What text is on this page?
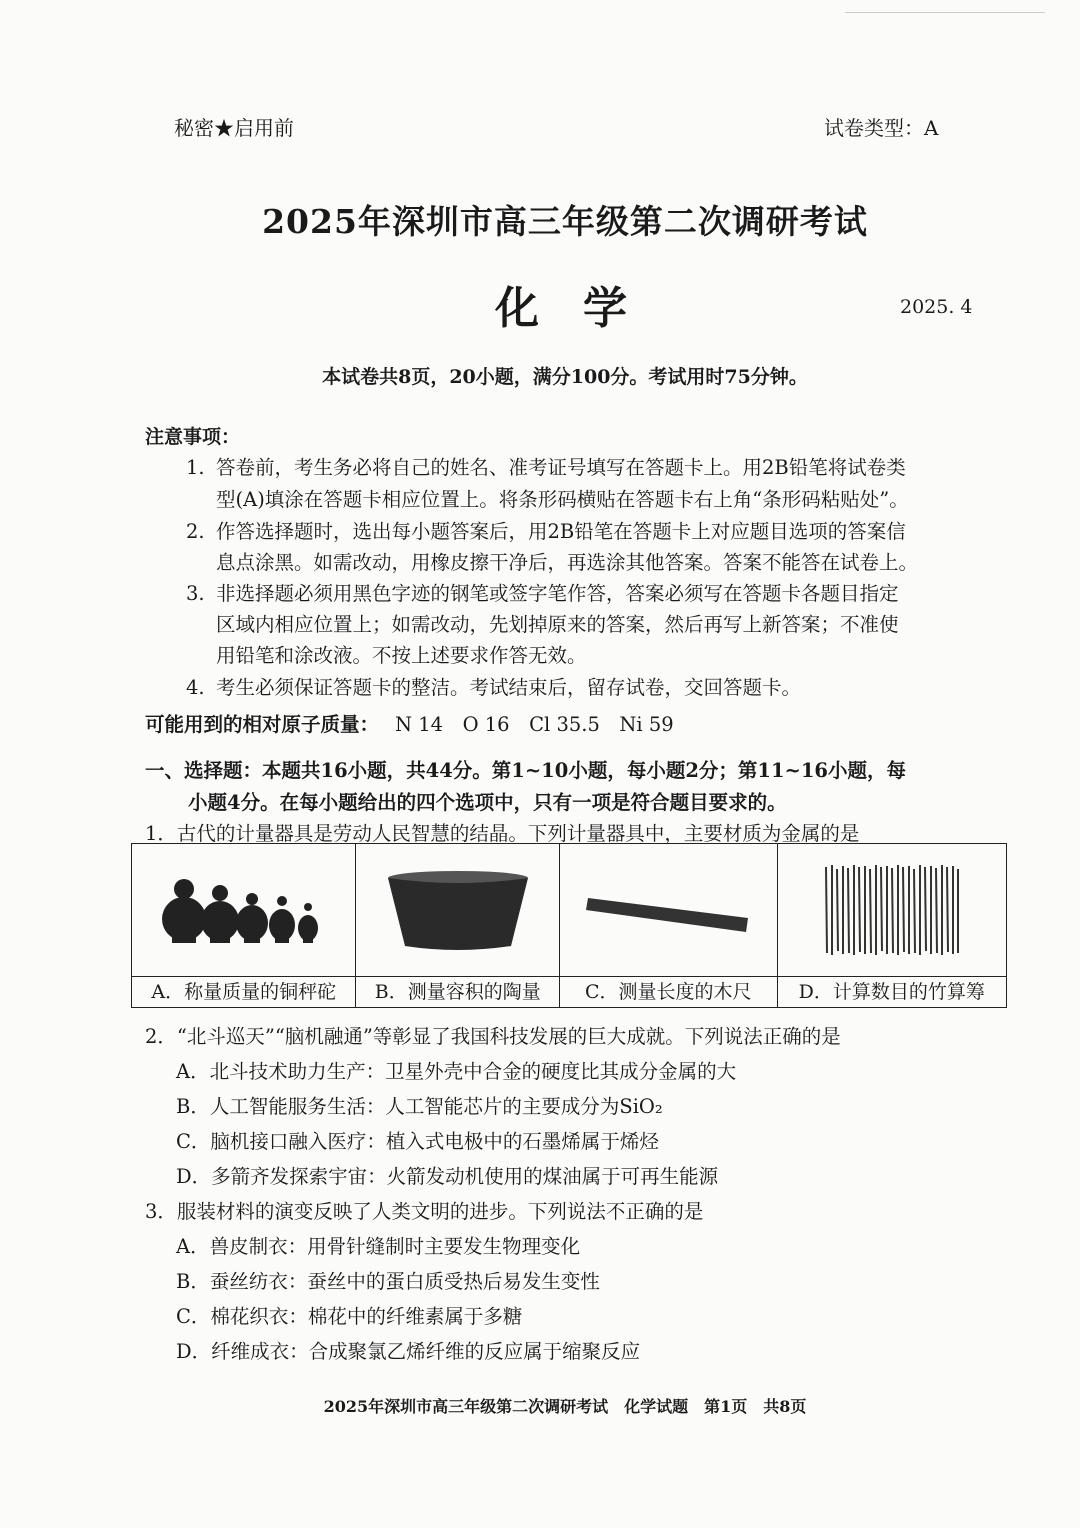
秘密★启用前	试卷类型：A
2025年深圳市高三年级第二次调研考试
化学	2025. 4
本试卷共8页，20小题，满分100分。考试用时75分钟。
注意事项：
1. 答卷前，考生务必将自己的姓名、准考证号填写在答题卡上。用2B铅笔将试卷类
型(A)填涂在答题卡相应位置上。将条形码横贴在答题卡右上角“条形码粘贴处”。
2. 作答选择题时，选出每小题答案后，用2B铅笔在答题卡上对应题目选项的答案信
息点涂黑。如需改动，用橡皮擦干净后，再选涂其他答案。答案不能答在试卷上。
3. 非选择题必须用黑色字迹的钢笔或签字笔作答，答案必须写在答题卡各题目指定
区域内相应位置上；如需改动，先划掉原来的答案，然后再写上新答案；不准使
用铅笔和涂改液。不按上述要求作答无效。
4. 考生必须保证答题卡的整洁。考试结束后，留存试卷，交回答题卡。
可能用到的相对原子质量： N 14　O 16　Cl 35.5　Ni 59
一、选择题：本题共16小题，共44分。第1~10小题，每小题2分；第11~16小题，每
小题4分。在每小题给出的四个选项中，只有一项是符合题目要求的。
1．古代的计量器具是劳动人民智慧的结晶。下列计量器具中，主要材质为金属的是
A．称量质量的铜秤砣	B．测量容积的陶量	C．测量长度的木尺	D．计算数目的竹算筹
2．“北斗巡天”“脑机融通”等彰显了我国科技发展的巨大成就。下列说法正确的是
A．北斗技术助力生产：卫星外壳中合金的硬度比其成分金属的大
B．人工智能服务生活：人工智能芯片的主要成分为SiO₂
C．脑机接口融入医疗：植入式电极中的石墨烯属于烯烃
D．多箭齐发探索宇宙：火箭发动机使用的煤油属于可再生能源
3．服装材料的演变反映了人类文明的进步。下列说法不正确的是
A．兽皮制衣：用骨针缝制时主要发生物理变化
B．蚕丝纺衣：蚕丝中的蛋白质受热后易发生变性
C．棉花织衣：棉花中的纤维素属于多糖
D．纤维成衣：合成聚氯乙烯纤维的反应属于缩聚反应
2025年深圳市高三年级第二次调研考试　化学试题　第1页　共8页
